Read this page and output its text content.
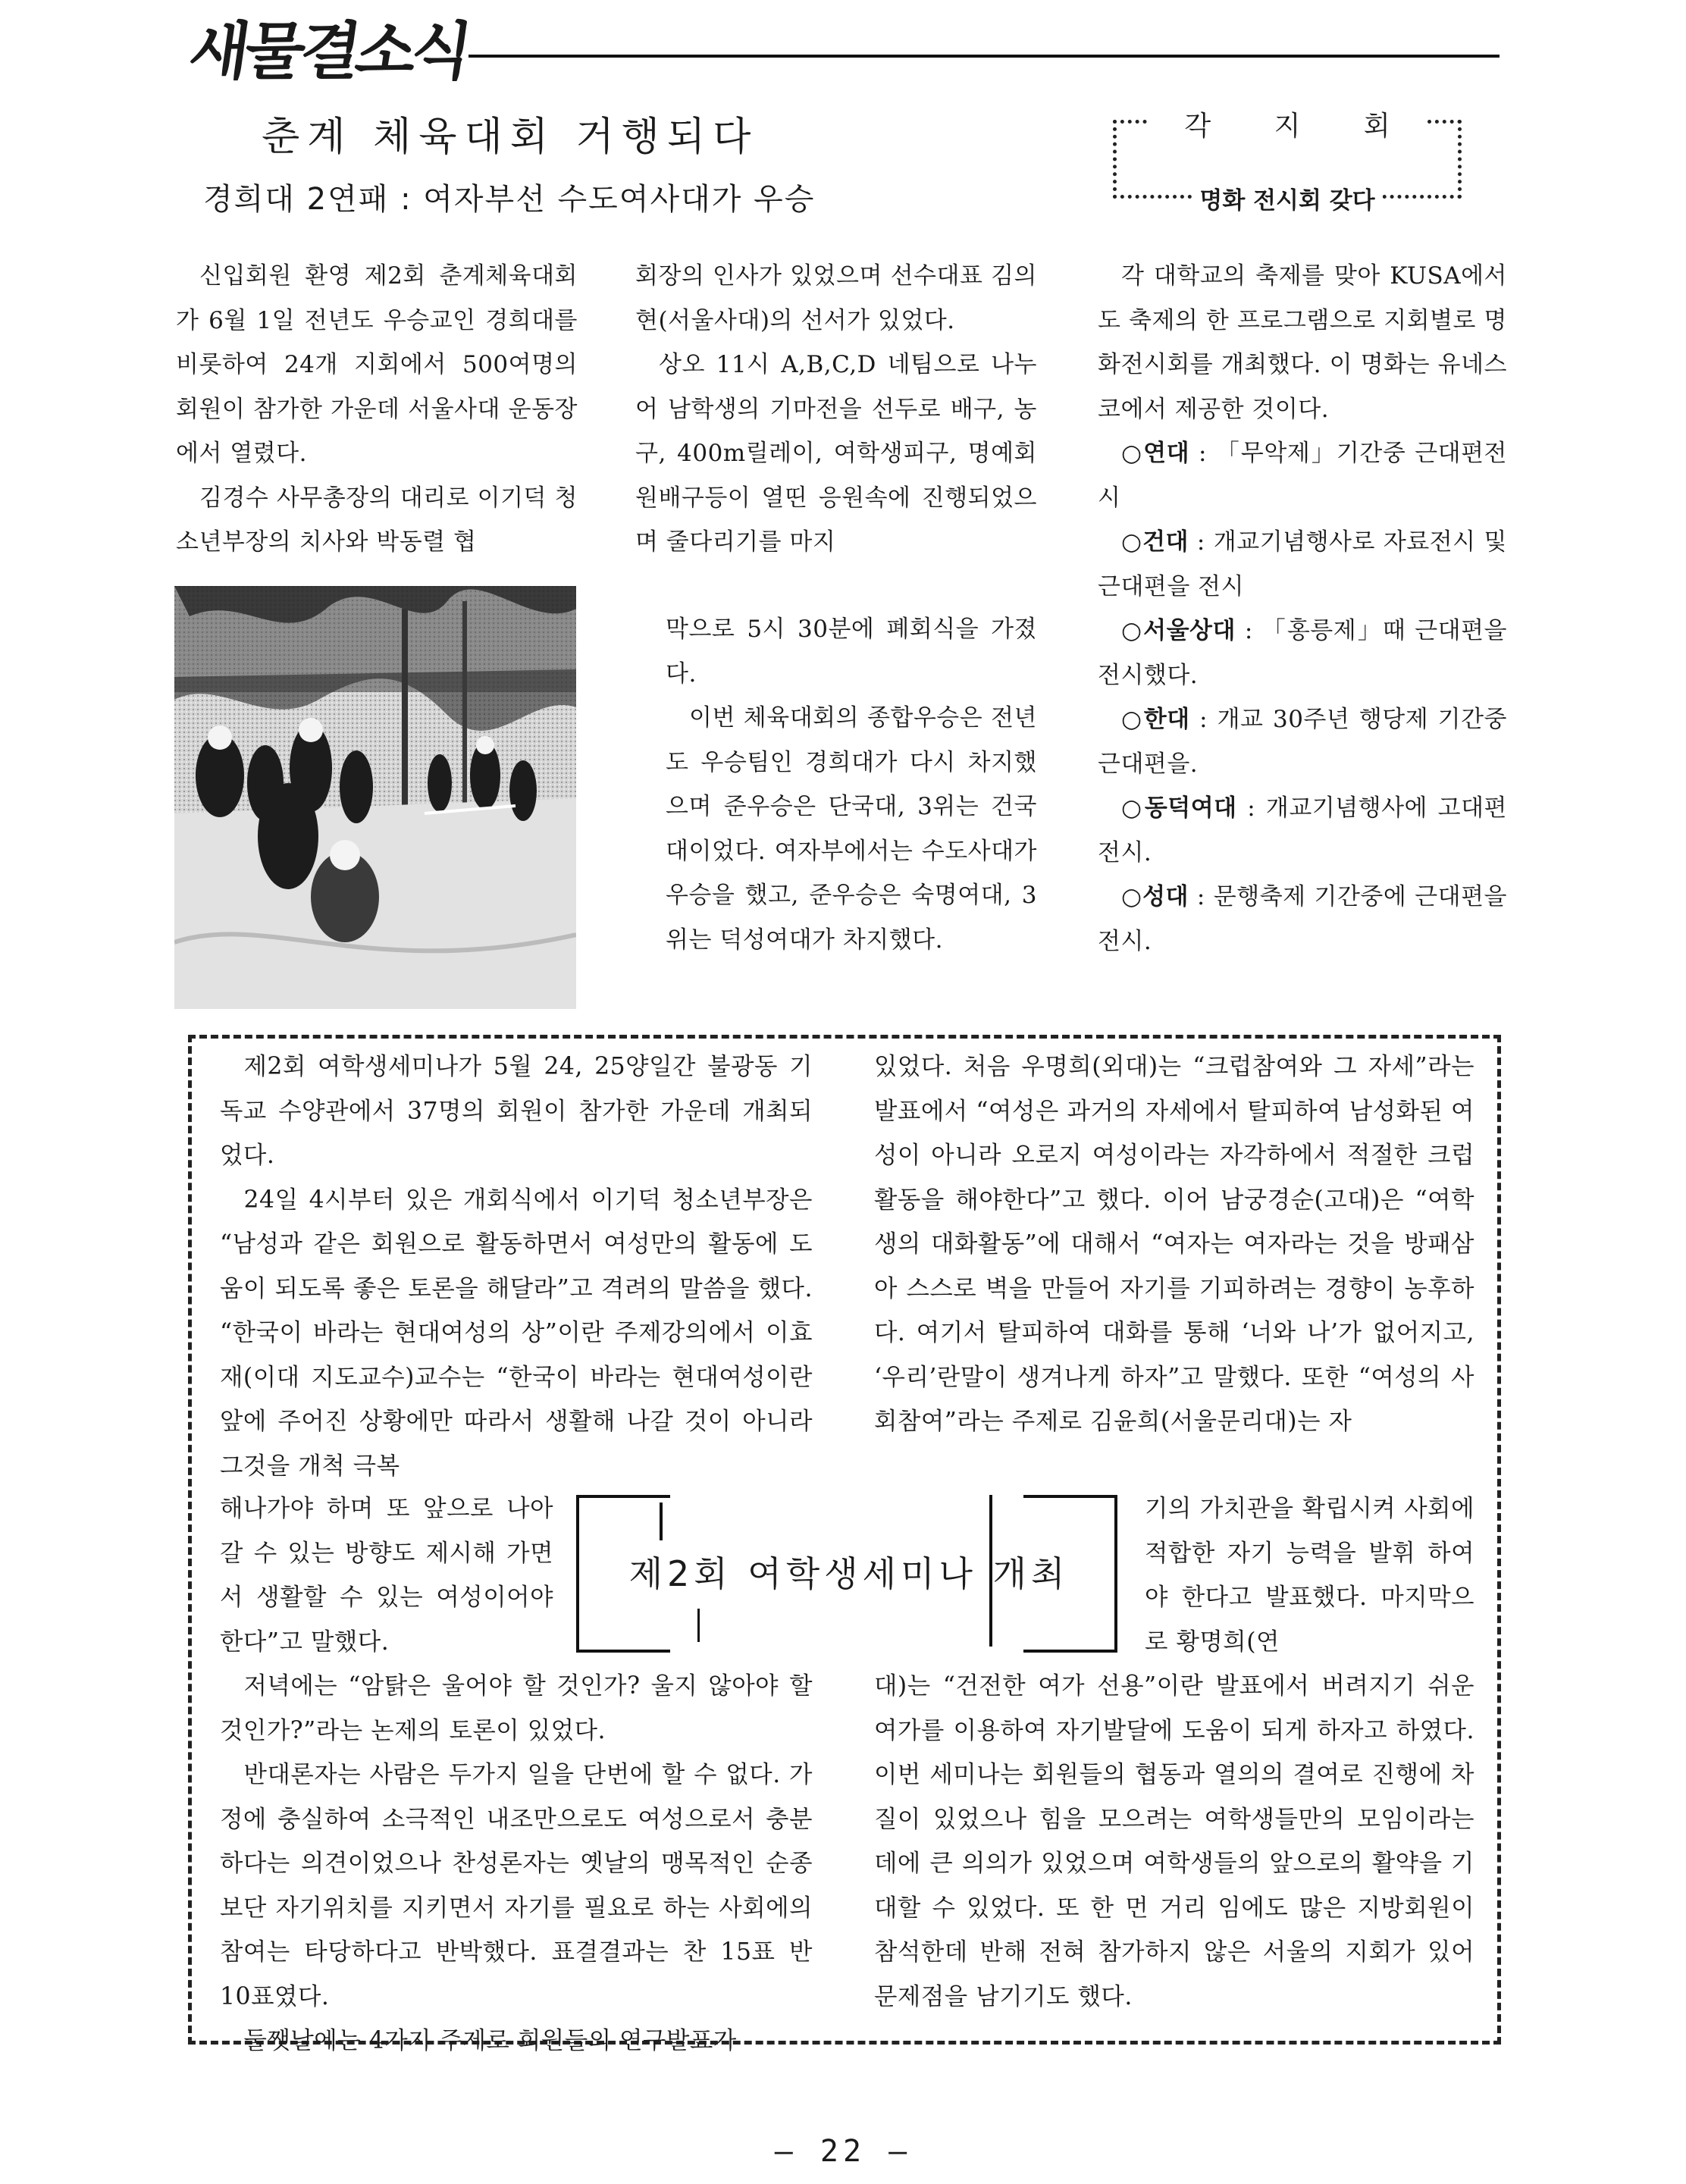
새물결소식
춘계 체육대회 거행되다
경희대 2연패 : 여자부선 수도여사대가 우승
각 지 회
명화 전시회 갖다

신입회원 환영 제2회 춘계체육대회가 6월 1일 전년도 우승교인 경희대를 비롯하여 24개 지회에서 500여명의 회원이 참가한 가운데 서울사대 운동장에서 열렸다.

김경수 사무총장의 대리로 이기덕 청소년부장의 치사와 박동렬 협

회장의 인사가 있었으며 선수대표 김의현(서울사대)의 선서가 있었다.

상오 11시 A,B,C,D 네팀으로 나누어 남학생의 기마전을 선두로 배구, 농구, 400m릴레이, 여학생피구, 명예회원배구등이 열띤 응원속에 진행되었으며 줄다리기를 마지

막으로 5시 30분에 폐회식을 가졌다.

이번 체육대회의 종합우승은 전년도 우승팀인 경희대가 다시 차지했으며 준우승은 단국대, 3위는 건국대이었다. 여자부에서는 수도사대가 우승을 했고, 준우승은 숙명여대, 3위는 덕성여대가 차지했다.

각 대학교의 축제를 맞아 KUSA에서도 축제의 한 프로그램으로 지회별로 명화전시회를 개최했다. 이 명화는 유네스코에서 제공한 것이다.

○연대 : 「무악제」기간중 근대편전시

○건대 : 개교기념행사로 자료전시 및 근대편을 전시

○서울상대 : 「홍릉제」때 근대편을 전시했다.

○한대 : 개교 30주년 행당제 기간중 근대편을.

○동덕여대 : 개교기념행사에 고대편 전시.

○성대 : 문행축제 기간중에 근대편을 전시.

제2회 여학생세미나가 5월 24, 25양일간 불광동 기독교 수양관에서 37명의 회원이 참가한 가운데 개최되었다.

24일 4시부터 있은 개회식에서 이기덕 청소년부장은 “남성과 같은 회원으로 활동하면서 여성만의 활동에 도움이 되도록 좋은 토론을 해달라”고 격려의 말씀을 했다. “한국이 바라는 현대여성의 상”이란 주제강의에서 이효재(이대 지도교수)교수는 “한국이 바라는 현대여성이란 앞에 주어진 상황에만 따라서 생활해 나갈 것이 아니라 그것을 개척 극복

해나가야 하며 또 앞으로 나아 갈 수 있는 방향도 제시해 가면서 생활할 수 있는 여성이어야한다”고 말했다.

제2회 여학생세미나 개최

저녁에는 “암탉은 울어야 할 것인가? 울지 않아야 할 것인가?”라는 논제의 토론이 있었다.

반대론자는 사람은 두가지 일을 단번에 할 수 없다. 가정에 충실하여 소극적인 내조만으로도 여성으로서 충분하다는 의견이었으나 찬성론자는 옛날의 맹목적인 순종보단 자기위치를 지키면서 자기를 필요로 하는 사회에의 참여는 타당하다고 반박했다. 표결결과는 찬 15표 반 10표였다.

둘쨋날에는 4가지 주제로 회원들의 연구발표가

있었다. 처음 우명희(외대)는 “크럽참여와 그 자세”라는 발표에서 “여성은 과거의 자세에서 탈피하여 남성화된 여성이 아니라 오로지 여성이라는 자각하에서 적절한 크럽활동을 해야한다”고 했다. 이어 남궁경순(고대)은 “여학생의 대화활동”에 대해서 “여자는 여자라는 것을 방패삼아 스스로 벽을 만들어 자기를 기피하려는 경향이 농후하다. 여기서 탈피하여 대화를 통해 ‘너와 나’가 없어지고, ‘우리’란말이 생겨나게 하자”고 말했다. 또한 “여성의 사회참여”라는 주제로 김윤희(서울문리대)는 자

기의 가치관을 확립시켜 사회에 적합한 자기 능력을 발휘 하여야 한다고 발표했다. 마지막으로 황명희(연

대)는 “건전한 여가 선용”이란 발표에서 버려지기 쉬운 여가를 이용하여 자기발달에 도움이 되게 하자고 하였다. 이번 세미나는 회원들의 협동과 열의의 결여로 진행에 차질이 있었으나 힘을 모으려는 여학생들만의 모임이라는데에 큰 의의가 있었으며 여학생들의 앞으로의 활약을 기대할 수 있었다. 또 한 먼 거리 임에도 많은 지방회원이 참석한데 반해 전혀 참가하지 않은 서울의 지회가 있어 문제점을 남기기도 했다.

— 22 —
